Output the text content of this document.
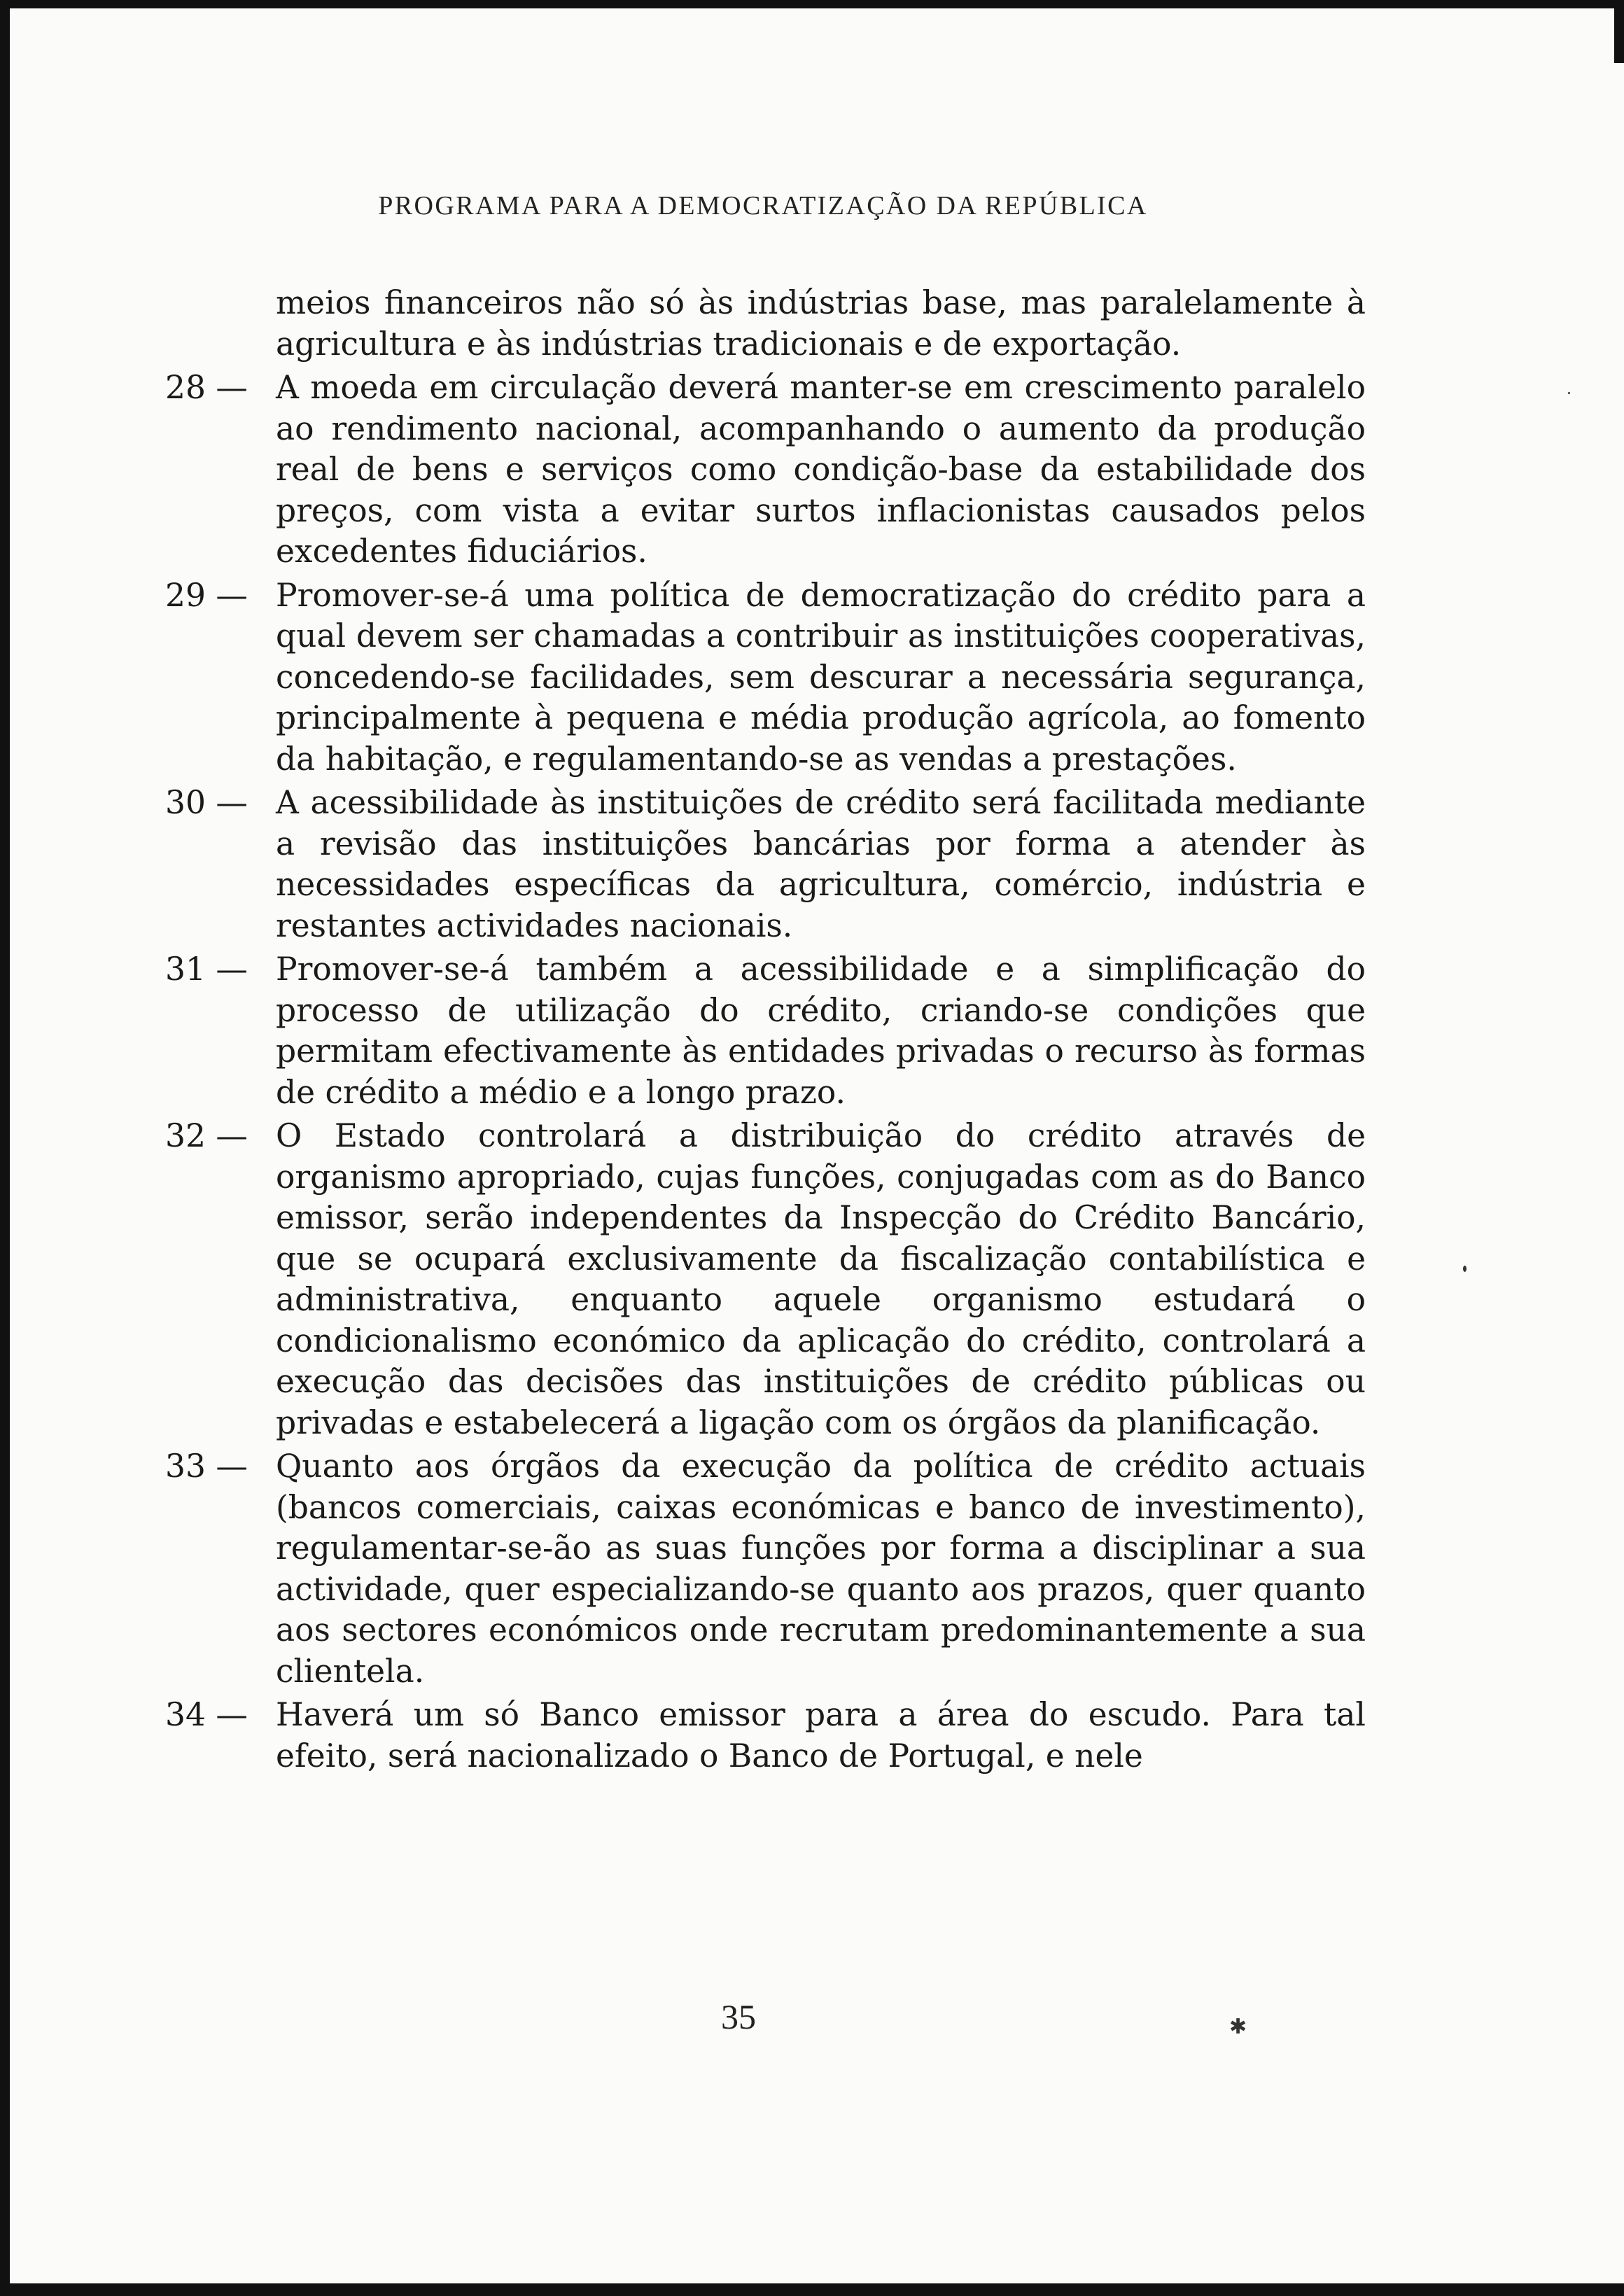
PROGRAMA PARA A DEMOCRATIZAÇÃO DA REPÚBLICA

meios financeiros não só às indústrias base, mas paralelamente à agricultura e às indústrias tradicionais e de exportação.

28 — A moeda em circulação deverá manter-se em crescimento paralelo ao rendimento nacional, acompanhando o aumento da produção real de bens e serviços como condição-base da estabilidade dos preços, com vista a evitar surtos inflacionistas causados pelos excedentes fiduciários.

29 — Promover-se-á uma política de democratização do crédito para a qual devem ser chamadas a contribuir as instituições cooperativas, concedendo-se facilidades, sem descurar a necessária segurança, principalmente à pequena e média produção agrícola, ao fomento da habitação, e regulamentando-se as vendas a prestações.

30 — A acessibilidade às instituições de crédito será facilitada mediante a revisão das instituições bancárias por forma a atender às necessidades específicas da agricultura, comércio, indústria e restantes actividades nacionais.

31 — Promover-se-á também a acessibilidade e a simplificação do processo de utilização do crédito, criando-se condições que permitam efectivamente às entidades privadas o recurso às formas de crédito a médio e a longo prazo.

32 — O Estado controlará a distribuição do crédito através de organismo apropriado, cujas funções, conjugadas com as do Banco emissor, serão independentes da Inspecção do Crédito Bancário, que se ocupará exclusivamente da fiscalização contabilística e administrativa, enquanto aquele organismo estudará o condicionalismo económico da aplicação do crédito, controlará a execução das decisões das instituições de crédito públicas ou privadas e estabelecerá a ligação com os órgãos da planificação.

33 — Quanto aos órgãos da execução da política de crédito actuais (bancos comerciais, caixas económicas e banco de investimento), regulamentar-se-ão as suas funções por forma a disciplinar a sua actividade, quer especializando-se quanto aos prazos, quer quanto aos sectores económicos onde recrutam predominantemente a sua clientela.

34 — Haverá um só Banco emissor para a área do escudo. Para tal efeito, será nacionalizado o Banco de Portugal, e nele

35	✱
